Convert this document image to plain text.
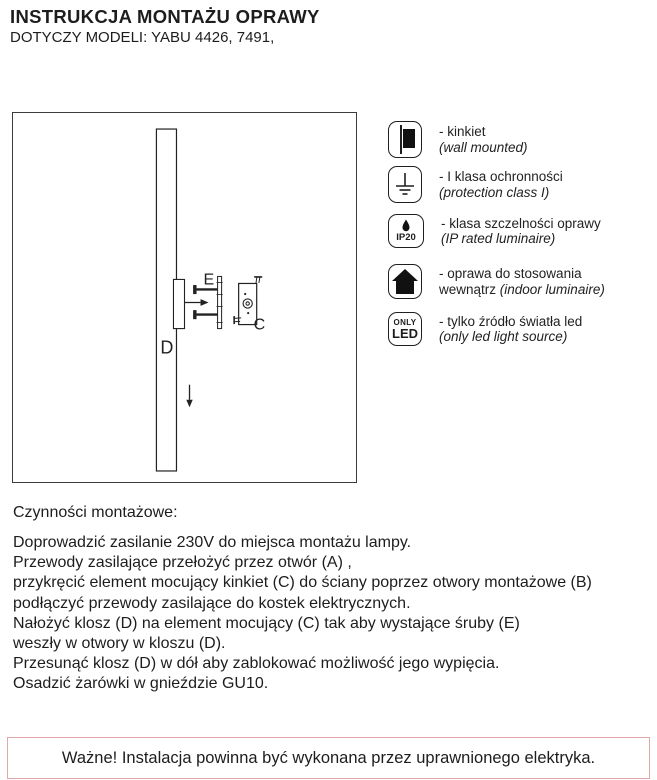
INSTRUKCJA MONTAŻU OPRAWY
DOTYCZY MODELI: YABU 4426, 7491,
D
E
C
- kinkiet
(wall mounted)
- I klasa ochronności
(protection class I)
IP20
- klasa szczelności oprawy
(IP rated luminaire)
- oprawa do stosowania
wewnątrz (indoor luminaire)
ONLY
LED
- tylko źródło światła led
(only led light source)
Czynności montażowe:
Doprowadzić zasilanie 230V do miejsca montażu lampy.
Przewody zasilające przełożyć przez otwór (A) ,
przykręcić element mocujący kinkiet (C) do ściany poprzez otwory montażowe (B)
podłączyć przewody zasilające do kostek elektrycznych.
Nałożyć klosz (D) na element mocujący (C) tak aby wystające śruby (E)
weszły w otwory w kloszu (D).
Przesunąć klosz (D) w dół aby zablokować możliwość jego wypięcia.
Osadzić żarówki w gnieździe GU10.
Ważne! Instalacja powinna być wykonana przez uprawnionego elektryka.
